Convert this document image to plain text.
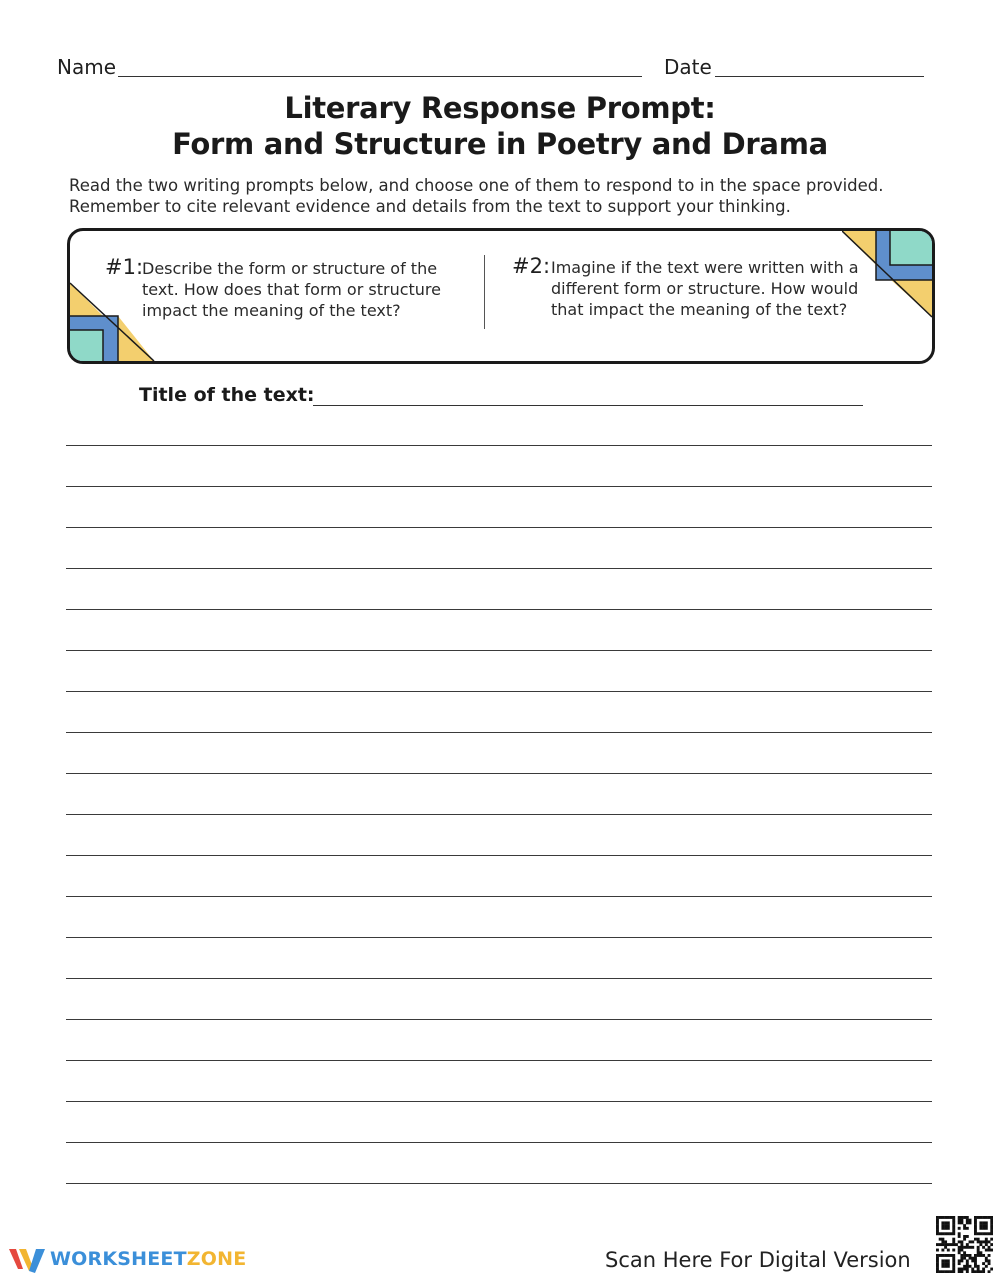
Name	Date
Literary Response Prompt:
Form and Structure in Poetry and Drama
Read the two writing prompts below, and choose one of them to respond to in the space provided.
Remember to cite relevant evidence and details from the text to support your thinking.
#1:
Describe the form or structure of the
text. How does that form or structure
impact the meaning of the text?
#2: Imagine if the text were written with a
different form or structure. How would
that impact the meaning of the text?
Title of the text:
WORKSHEETZONE	Scan Here For Digital Version
